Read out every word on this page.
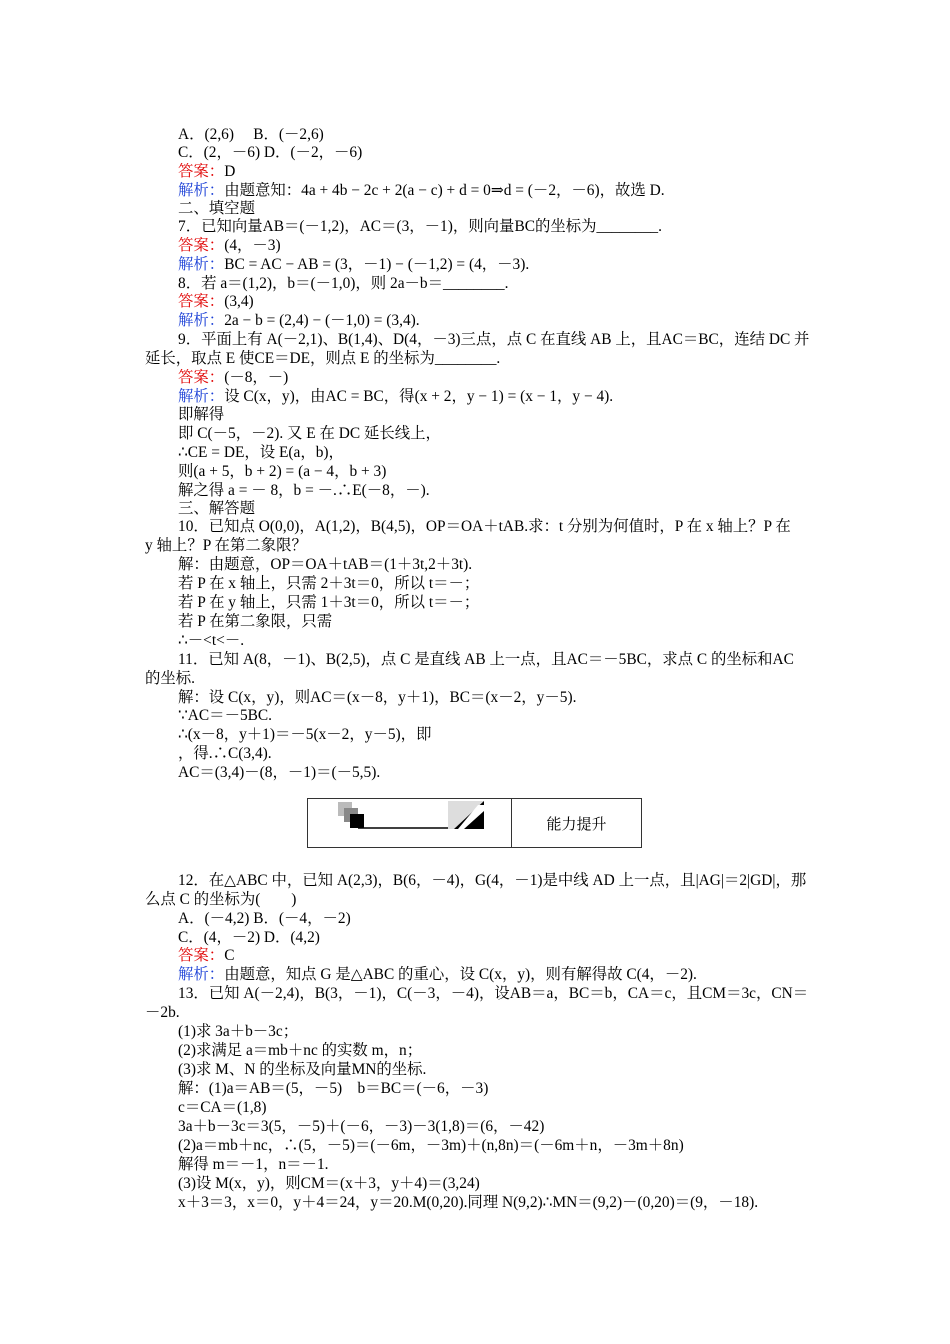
A．(2,6)　 B．(－2,6)
C．(2，－6) D．(－2，－6)
答案：D
解析：由题意知：4a + 4b − 2c + 2(a − c) + d = 0⇒d = (－2，－6)，故选 D.
二、填空题
7．已知向量AB＝(－1,2)，AC＝(3，－1)，则向量BC的坐标为________.
答案：(4，－3)
解析：BC = AC − AB = (3，－1) − (－1,2) = (4，－3).
8．若 a＝(1,2)，b＝(－1,0)，则 2a－b＝________.
答案：(3,4)
解析：2a − b = (2,4) − (－1,0) = (3,4).
9．平面上有 A(－2,1)、B(1,4)、D(4，－3)三点，点 C 在直线 AB 上，且AC＝BC，连结 DC 并
延长，取点 E 使CE＝DE，则点 E 的坐标为________.
答案：(－8，－)
解析：设 C(x，y)，由AC = BC，得(x + 2，y − 1) = (x − 1，y − 4).
即解得
即 C(－5，－2). 又 E 在 DC 延长线上，
∴CE = DE，设 E(a，b)，
则(a + 5，b + 2) = (a − 4，b + 3)
解之得 a = － 8，b = －.∴E(－8，－).
三、解答题
10．已知点 O(0,0)，A(1,2)，B(4,5)，OP＝OA＋tAB.求：t 分别为何值时，P 在 x 轴上？P 在
y 轴上？P 在第二象限？
解：由题意，OP＝OA＋tAB＝(1＋3t,2＋3t).
若 P 在 x 轴上，只需 2＋3t＝0，所以 t＝－；
若 P 在 y 轴上，只需 1＋3t＝0，所以 t＝－；
若 P 在第二象限，只需
∴－<t<－.
11．已知 A(8，－1)、B(2,5)，点 C 是直线 AB 上一点，且AC＝－5BC，求点 C 的坐标和AC
的坐标.
解：设 C(x，y)，则AC＝(x－8，y＋1)，BC＝(x－2，y－5).
∵AC＝－5BC.
∴(x－8，y＋1)＝－5(x－2，y－5)，即
，得.∴C(3,4).
AC＝(3,4)－(8，－1)＝(－5,5).
12．在△ABC 中，已知 A(2,3)，B(6，－4)，G(4，－1)是中线 AD 上一点，且|AG|＝2|GD|，那
么点 C 的坐标为(　　)
A．(－4,2) B．(－4，－2)
C．(4，－2) D．(4,2)
答案：C
解析：由题意，知点 G 是△ABC 的重心，设 C(x，y)，则有解得故 C(4，－2).
13．已知 A(－2,4)，B(3，－1)，C(－3，－4)，设AB＝a，BC＝b，CA＝c，且CM＝3c，CN＝
－2b.
(1)求 3a＋b－3c；
(2)求满足 a＝mb＋nc 的实数 m，n；
(3)求 M、N 的坐标及向量MN的坐标.
解：(1)a＝AB＝(5，－5)　b＝BC＝(－6，－3)
c＝CA＝(1,8)
3a＋b－3c＝3(5，－5)＋(－6，－3)－3(1,8)＝(6，－42)
(2)a＝mb＋nc，∴(5，－5)＝(－6m，－3m)＋(n,8n)＝(－6m＋n，－3m＋8n)
解得 m＝－1，n＝－1.
(3)设 M(x，y)，则CM＝(x＋3，y＋4)＝(3,24)
x＋3＝3，x＝0，y＋4＝24，y＝20.M(0,20).同理 N(9,2)∴MN＝(9,2)－(0,20)＝(9，－18).
能力提升
